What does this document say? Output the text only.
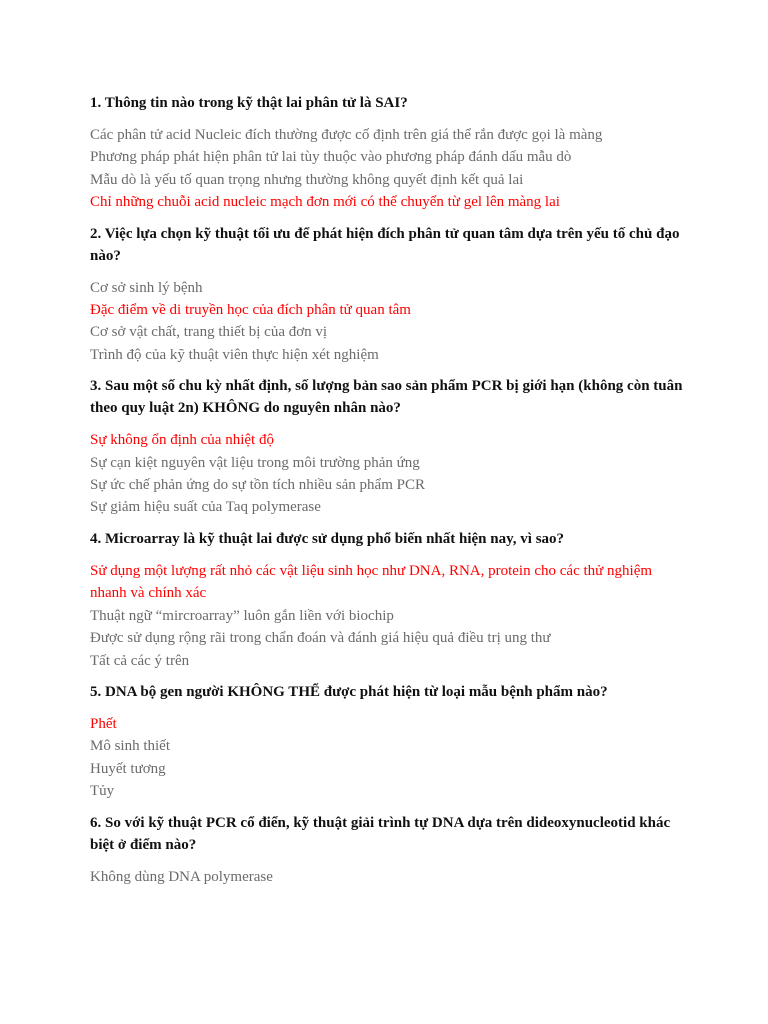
1. Thông tin nào trong kỹ thật lai phân tử là SAI?

Các phân tử acid Nucleic đích thường được cố định trên giá thể rắn được gọi là màng
Phương pháp phát hiện phân tử lai tùy thuộc vào phương pháp đánh dấu mẫu dò
Mẫu dò là yếu tố quan trọng nhưng thường không quyết định kết quả lai
Chỉ những chuỗi acid nucleic mạch đơn mới có thể chuyển từ gel lên màng lai

2. Việc lựa chọn kỹ thuật tối ưu để phát hiện đích phân tử quan tâm dựa trên yếu tố chủ đạo nào?

Cơ sở sinh lý bệnh
Đặc điểm về di truyền học của đích phân tử quan tâm
Cơ sở vật chất, trang thiết bị của đơn vị
Trình độ của kỹ thuật viên thực hiện xét nghiệm

3. Sau một số chu kỳ nhất định, số lượng bản sao sản phẩm PCR bị giới hạn (không còn tuân theo quy luật 2n) KHÔNG do nguyên nhân nào?

Sự không ổn định của nhiệt độ
Sự cạn kiệt nguyên vật liệu trong môi trường phản ứng
Sự ức chế phản ứng do sự tồn tích nhiều sản phẩm PCR
Sự giảm hiệu suất của Taq polymerase

4. Microarray là kỹ thuật lai được sử dụng phổ biến nhất hiện nay, vì sao?

Sử dụng một lượng rất nhỏ các vật liệu sinh học như DNA, RNA, protein cho các thử nghiệm nhanh và chính xác
Thuật ngữ “mircroarray” luôn gắn liền với biochip
Được sử dụng rộng rãi trong chẩn đoán và đánh giá hiệu quả điều trị ung thư
Tất cả các ý trên

5. DNA bộ gen người KHÔNG THỂ được phát hiện từ loại mẫu bệnh phẩm nào?

Phết
Mô sinh thiết
Huyết tương
Tủy

6. So với kỹ thuật PCR cổ điển, kỹ thuật giải trình tự DNA dựa trên dideoxynucleotid khác biệt ở điểm nào?

Không dùng DNA polymerase
